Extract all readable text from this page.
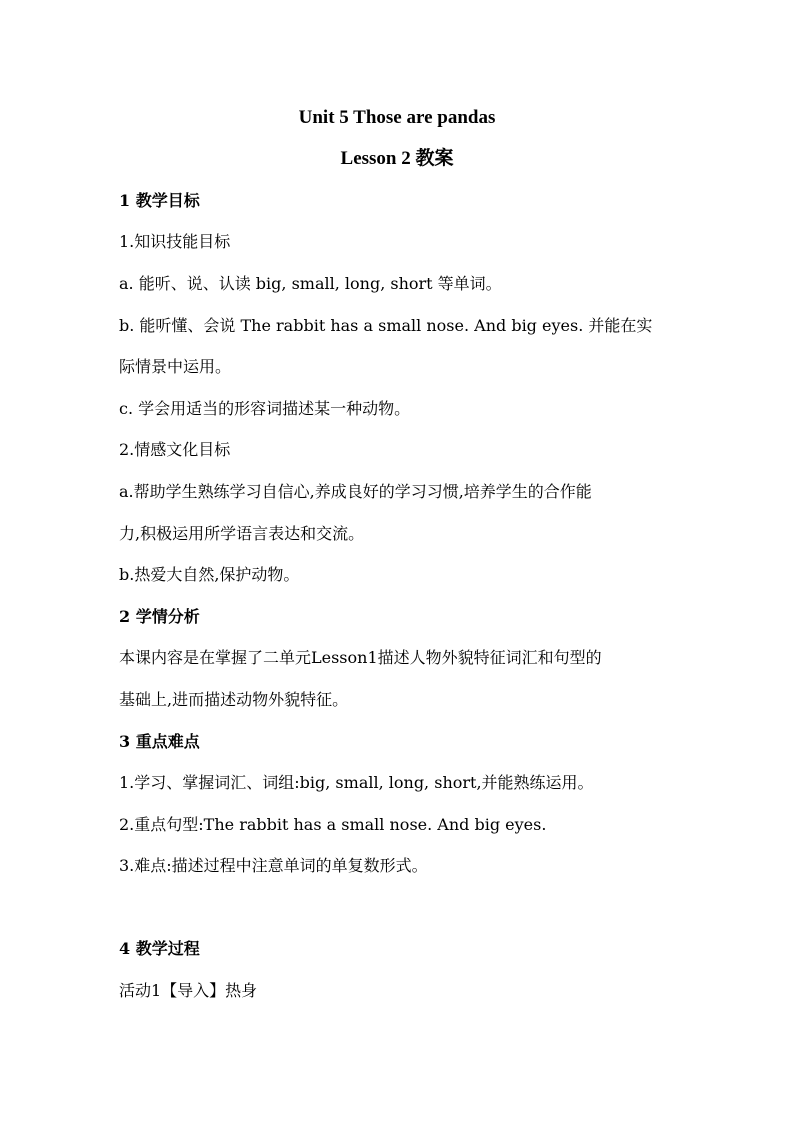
Unit 5 Those are pandas
Lesson 2 教案
1 教学目标
1.知识技能目标
a. 能听、说、认读 big, small, long, short 等单词。
b. 能听懂、会说 The rabbit has a small nose. And big eyes. 并能在实
际情景中运用。
c. 学会用适当的形容词描述某一种动物。
2.情感文化目标
a.帮助学生熟练学习自信心,养成良好的学习习惯,培养学生的合作能
力,积极运用所学语言表达和交流。
b.热爱大自然,保护动物。
2 学情分析
本课内容是在掌握了二单元Lesson1描述人物外貌特征词汇和句型的
基础上,进而描述动物外貌特征。
3 重点难点
1.学习、掌握词汇、词组:big, small, long, short,并能熟练运用。
2.重点句型:The rabbit has a small nose. And big eyes.
3.难点:描述过程中注意单词的单复数形式。
4 教学过程
活动1【导入】热身
